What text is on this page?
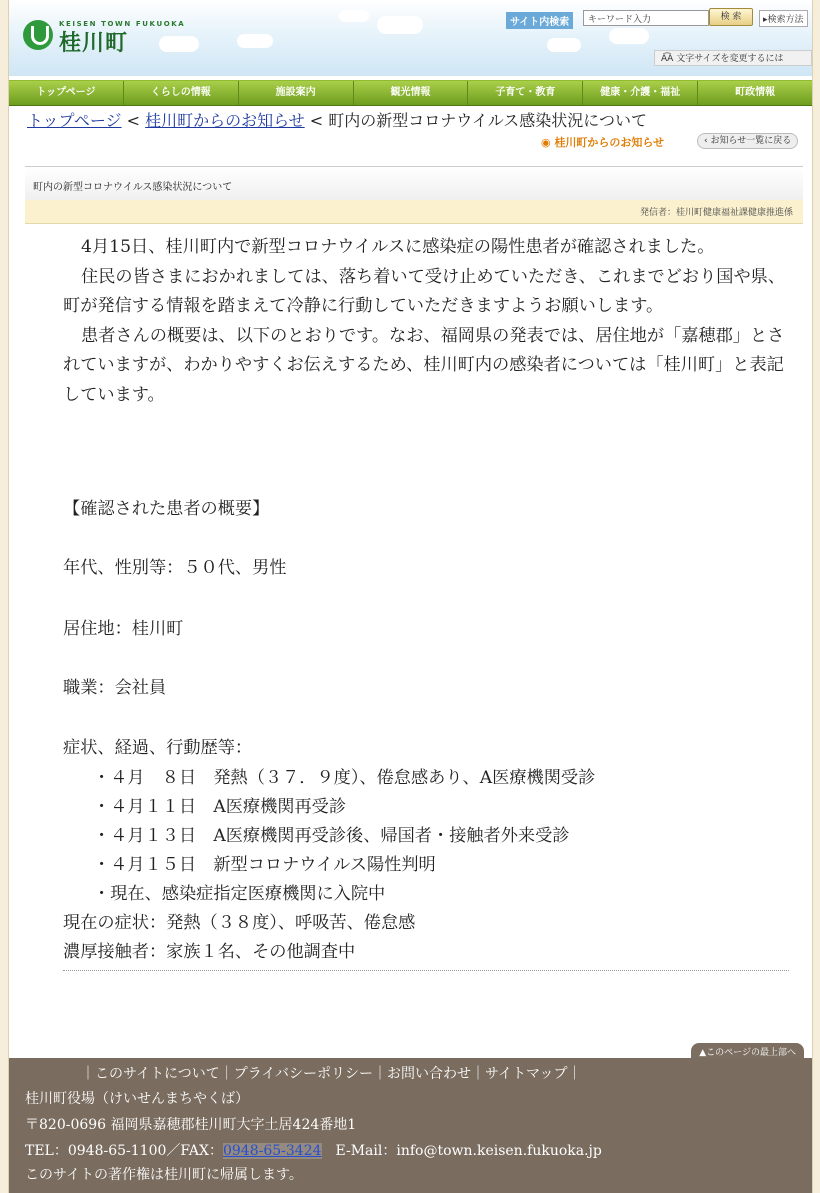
KEISEN TOWN FUKUOKA
桂川町
サイト内検索
キーワード入力	検 索	▸検索方法
A͡A 文字サイズを変更するには
トップページ	くらしの情報	施設案内	観光情報	子育て・教育	健康・介護・福祉	町政情報
トップページ < 桂川町からのお知らせ < 町内の新型コロナウイルス感染状況について
◉ 桂川町からのお知らせ	‹ お知らせ一覧に戻る
町内の新型コロナウイルス感染状況について
発信者：桂川町健康福祉課健康推進係

4月15日、桂川町内で新型コロナウイルスに感染症の陽性患者が確認されました。

住民の皆さまにおかれましては、落ち着いて受け止めていただき、これまでどおり国や県、町が発信する情報を踏まえて冷静に行動していただきますようお願いします。

患者さんの概要は、以下のとおりです。なお、福岡県の発表では、居住地が「嘉穂郡」とされていますが、わかりやすくお伝えするため、桂川町内の感染者については「桂川町」と表記しています。

【確認された患者の概要】
年代、性別等：５０代、男性
居住地：桂川町
職業：会社員
症状、経過、行動歴等：
・４月　８日　発熱（３７．９度）、倦怠感あり、A医療機関受診
・４月１１日　A医療機関再受診
・４月１３日　A医療機関再受診後、帰国者・接触者外来受診
・４月１５日　新型コロナウイルス陽性判明
・現在、感染症指定医療機関に入院中
現在の症状：発熱（３８度）、呼吸苦、倦怠感
濃厚接触者：家族１名、その他調査中
▲このページの最上部へ
｜このサイトについて｜プライバシーポリシー｜お問い合わせ｜サイトマップ｜
桂川町役場（けいせんまちやくば）
〒820-0696 福岡県嘉穂郡桂川町大字土居424番地1
TEL：0948-65-1100／FAX：0948-65-3424　E-Mail：info@town.keisen.fukuoka.jp
このサイトの著作権は桂川町に帰属します。
